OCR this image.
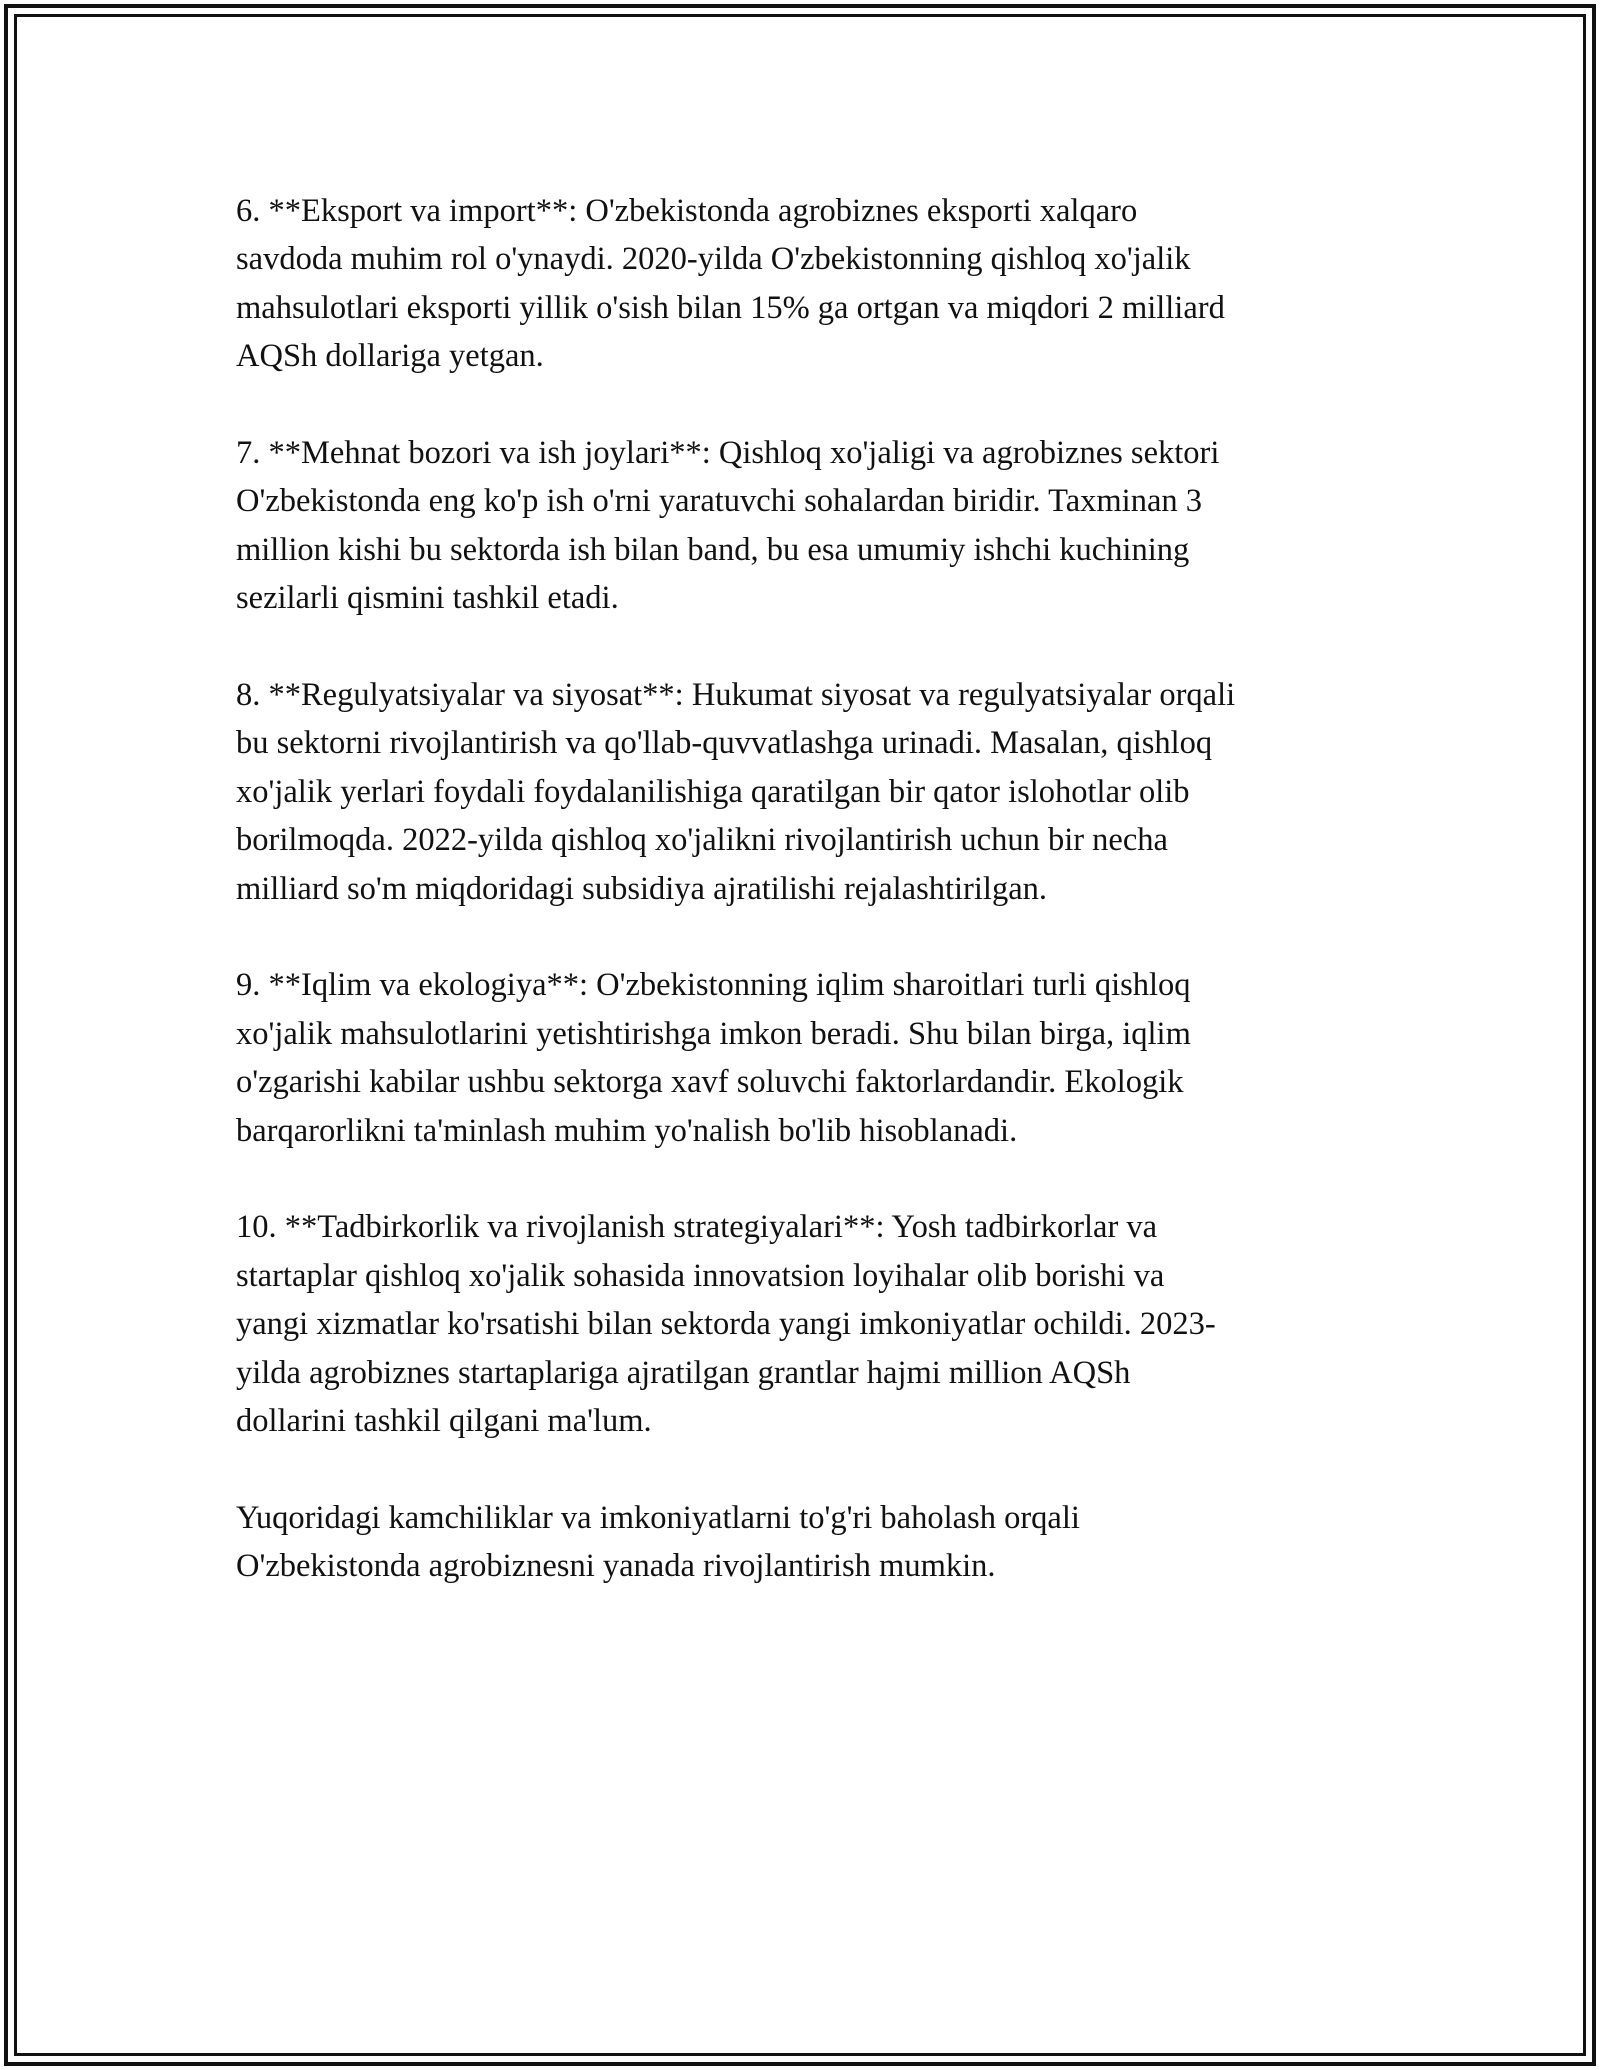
6. **Eksport va import**: O'zbekistonda agrobiznes eksporti xalqaro
savdoda muhim rol o'ynaydi. 2020-yilda O'zbekistonning qishloq xo'jalik
mahsulotlari eksporti yillik o'sish bilan 15% ga ortgan va miqdori 2 milliard
AQSh dollariga yetgan.

7. **Mehnat bozori va ish joylari**: Qishloq xo'jaligi va agrobiznes sektori
O'zbekistonda eng ko'p ish o'rni yaratuvchi sohalardan biridir. Taxminan 3
million kishi bu sektorda ish bilan band, bu esa umumiy ishchi kuchining
sezilarli qismini tashkil etadi.

8. **Regulyatsiyalar va siyosat**: Hukumat siyosat va regulyatsiyalar orqali
bu sektorni rivojlantirish va qo'llab-quvvatlashga urinadi. Masalan, qishloq
xo'jalik yerlari foydali foydalanilishiga qaratilgan bir qator islohotlar olib
borilmoqda. 2022-yilda qishloq xo'jalikni rivojlantirish uchun bir necha
milliard so'm miqdoridagi subsidiya ajratilishi rejalashtirilgan.

9. **Iqlim va ekologiya**: O'zbekistonning iqlim sharoitlari turli qishloq
xo'jalik mahsulotlarini yetishtirishga imkon beradi. Shu bilan birga, iqlim
o'zgarishi kabilar ushbu sektorga xavf soluvchi faktorlardandir. Ekologik
barqarorlikni ta'minlash muhim yo'nalish bo'lib hisoblanadi.

10. **Tadbirkorlik va rivojlanish strategiyalari**: Yosh tadbirkorlar va
startaplar qishloq xo'jalik sohasida innovatsion loyihalar olib borishi va
yangi xizmatlar ko'rsatishi bilan sektorda yangi imkoniyatlar ochildi. 2023-
yilda agrobiznes startaplariga ajratilgan grantlar hajmi million AQSh
dollarini tashkil qilgani ma'lum.

Yuqoridagi kamchiliklar va imkoniyatlarni to'g'ri baholash orqali
O'zbekistonda agrobiznesni yanada rivojlantirish mumkin.
